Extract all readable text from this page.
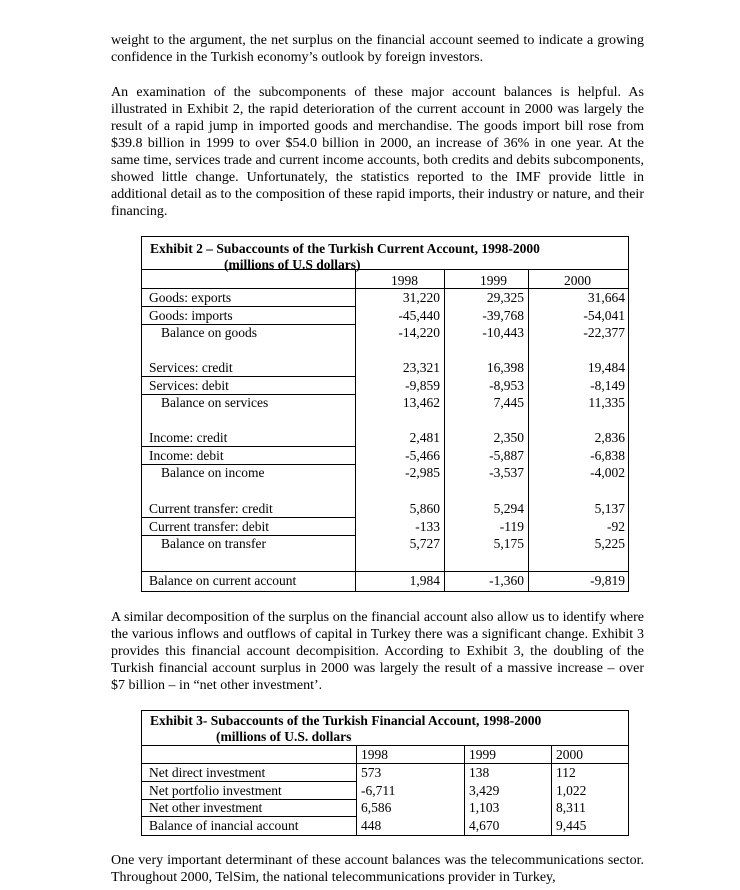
weight to the argument, the net surplus on the financial account seemed to indicate a growing confidence in the Turkish economy’s outlook by foreign investors.

An examination of the subcomponents of these major account balances is helpful. As illustrated in Exhibit 2, the rapid deterioration of the current account in 2000 was largely the result of a rapid jump in imported goods and merchandise. The goods import bill rose from $39.8 billion in 1999 to over $54.0 billion in 2000, an increase of 36% in one year. At the same time, services trade and current income accounts, both credits and debits subcomponents, showed little change. Unfortunately, the statistics reported to the IMF provide little in additional detail as to the composition of these rapid imports, their industry or nature, and their financing.

Exhibit 2 – Subaccounts of the Turkish Current Account, 1998-2000
(millions of U.S dollars)
1998	1999	2000
Goods: exports	31,220	29,325	31,664
Goods: imports	-45,440	-39,768	-54,041
Balance on goods	-14,220	-10,443	-22,377
Services: credit	23,321	16,398	19,484
Services: debit	-9,859	-8,953	-8,149
Balance on services	13,462	7,445	11,335
Income: credit	2,481	2,350	2,836
Income: debit	-5,466	-5,887	-6,838
Balance on income	-2,985	-3,537	-4,002
Current transfer: credit	5,860	5,294	5,137
Current transfer: debit	-133	-119	-92
Balance on transfer	5,727	5,175	5,225
Balance on current account	1,984	-1,360	-9,819

A similar decomposition of the surplus on the financial account also allow us to identify where the various inflows and outflows of capital in Turkey there was a significant change. Exhibit 3 provides this financial account decompisition. According to Exhibit 3, the doubling of the Turkish financial account surplus in 2000 was largely the result of a massive increase – over $7 billion – in “net other investment’.

Exhibit 3- Subaccounts of the Turkish Financial Account, 1998-2000
(millions of U.S. dollars
1998	1999	2000
Net direct investment	573	138	112
Net portfolio investment	-6,711	3,429	1,022
Net other investment	6,586	1,103	8,311
Balance of inancial account	448	4,670	9,445

One very important determinant of these account balances was the telecommunications sector. Throughout 2000, TelSim, the national telecommunications provider in Turkey,
